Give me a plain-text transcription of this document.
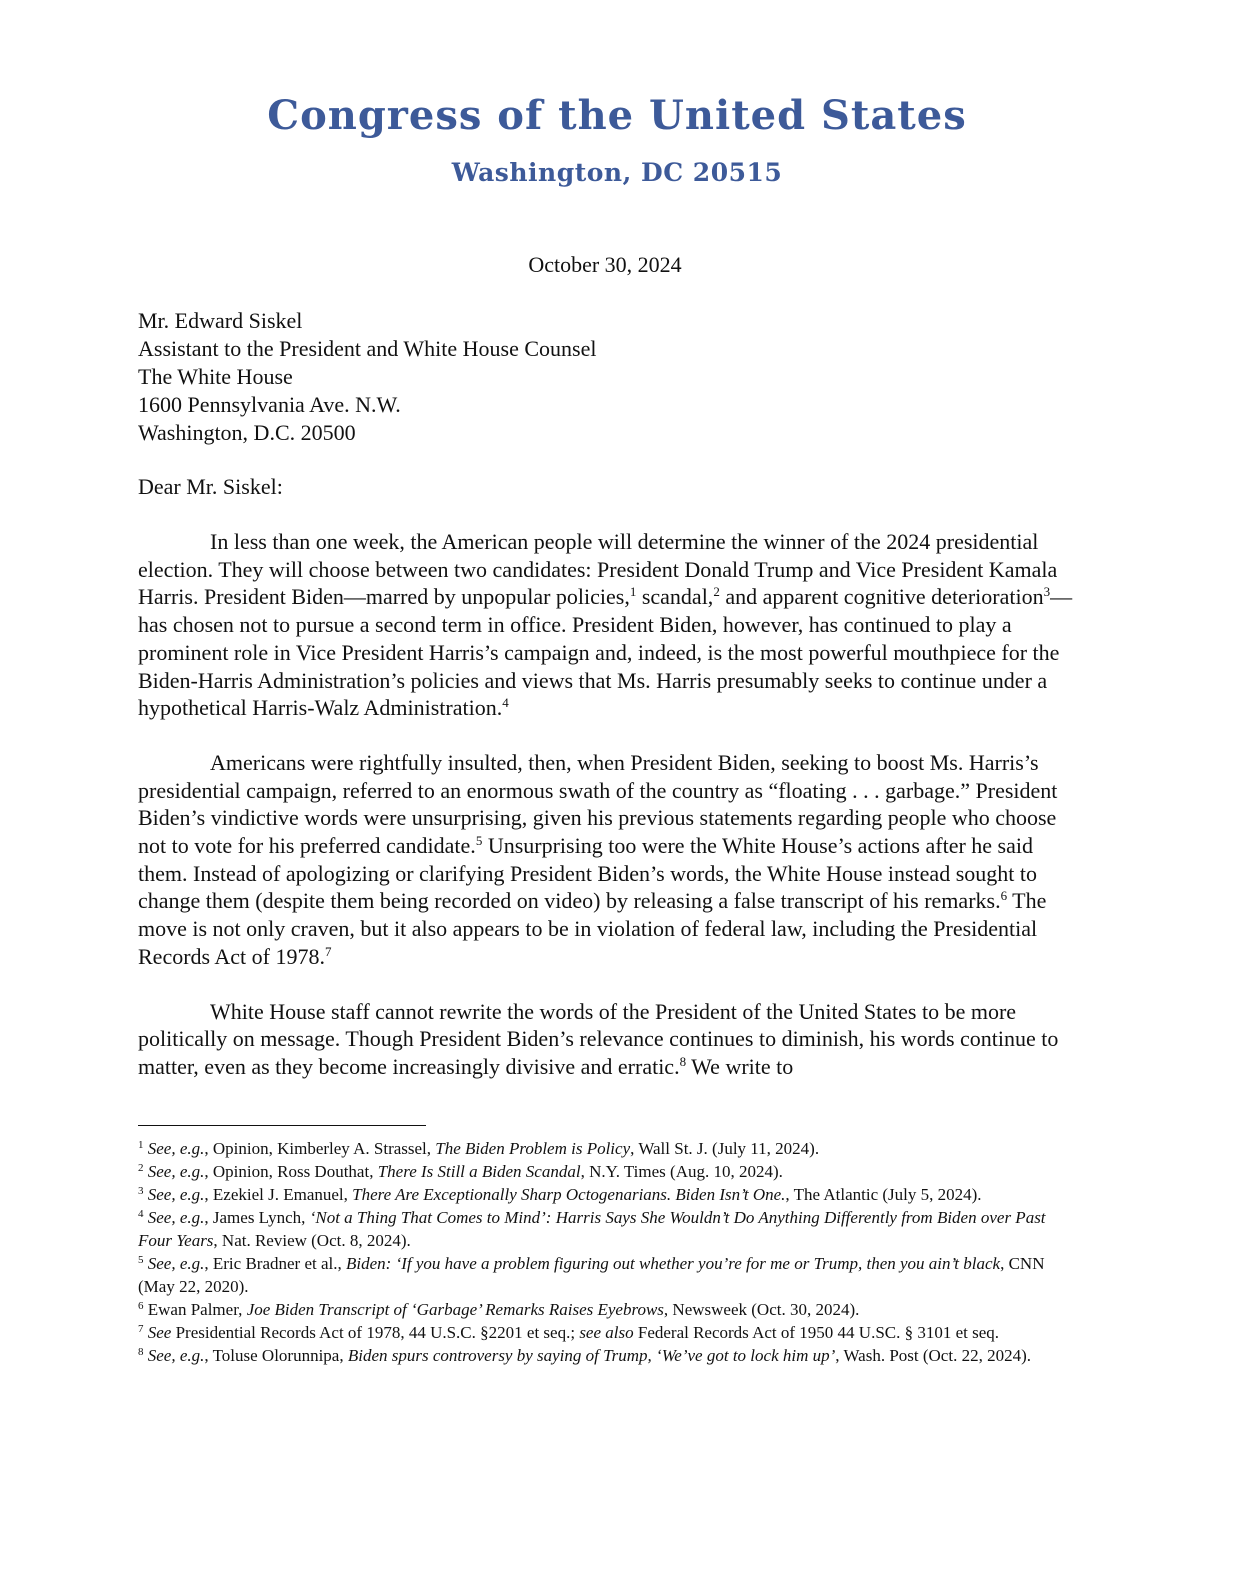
Congress of the United States
Washington, DC 20515
October 30, 2024
Mr. Edward Siskel
Assistant to the President and White House Counsel
The White House
1600 Pennsylvania Ave. N.W.
Washington, D.C. 20500
Dear Mr. Siskel:

In less than one week, the American people will determine the winner of the 2024 presidential election. They will choose between two candidates: President Donald Trump and Vice President Kamala Harris. President Biden—marred by unpopular policies,$^1$ scandal,$^2$ and apparent cognitive deterioration$^3$—has chosen not to pursue a second term in office. President Biden, however, has continued to play a prominent role in Vice President Harris’s campaign and, indeed, is the most powerful mouthpiece for the Biden-Harris Administration’s policies and views that Ms. Harris presumably seeks to continue under a hypothetical Harris-Walz Administration.$^4$

Americans were rightfully insulted, then, when President Biden, seeking to boost Ms. Harris’s presidential campaign, referred to an enormous swath of the country as “floating . . . garbage.” President Biden’s vindictive words were unsurprising, given his previous statements regarding people who choose not to vote for his preferred candidate.$^5$ Unsurprising too were the White House’s actions after he said them. Instead of apologizing or clarifying President Biden’s words, the White House instead sought to change them (despite them being recorded on video) by releasing a false transcript of his remarks.$^6$ The move is not only craven, but it also appears to be in violation of federal law, including the Presidential Records Act of 1978.$^7$

White House staff cannot rewrite the words of the President of the United States to be more politically on message. Though President Biden’s relevance continues to diminish, his words continue to matter, even as they become increasingly divisive and erratic.$^8$ We write to

$^1$ See, e.g., Opinion, Kimberley A. Strassel, The Biden Problem is Policy, Wall St. J. (July 11, 2024).

$^2$ See, e.g., Opinion, Ross Douthat, There Is Still a Biden Scandal, N.Y. Times (Aug. 10, 2024).

$^3$ See, e.g., Ezekiel J. Emanuel, There Are Exceptionally Sharp Octogenarians. Biden Isn’t One., The Atlantic (July 5, 2024).

$^4$ See, e.g., James Lynch, ‘Not a Thing That Comes to Mind’: Harris Says She Wouldn’t Do Anything Differently from Biden over Past Four Years, Nat. Review (Oct. 8, 2024).

$^5$ See, e.g., Eric Bradner et al., Biden: ‘If you have a problem figuring out whether you’re for me or Trump, then you ain’t black, CNN (May 22, 2020).

$^6$ Ewan Palmer, Joe Biden Transcript of ‘Garbage’ Remarks Raises Eyebrows, Newsweek (Oct. 30, 2024).

$^7$ See Presidential Records Act of 1978, 44 U.S.C. §2201 et seq.; see also Federal Records Act of 1950 44 U.SC. § 3101 et seq.

$^8$ See, e.g., Toluse Olorunnipa, Biden spurs controversy by saying of Trump, ‘We’ve got to lock him up’, Wash. Post (Oct. 22, 2024).
